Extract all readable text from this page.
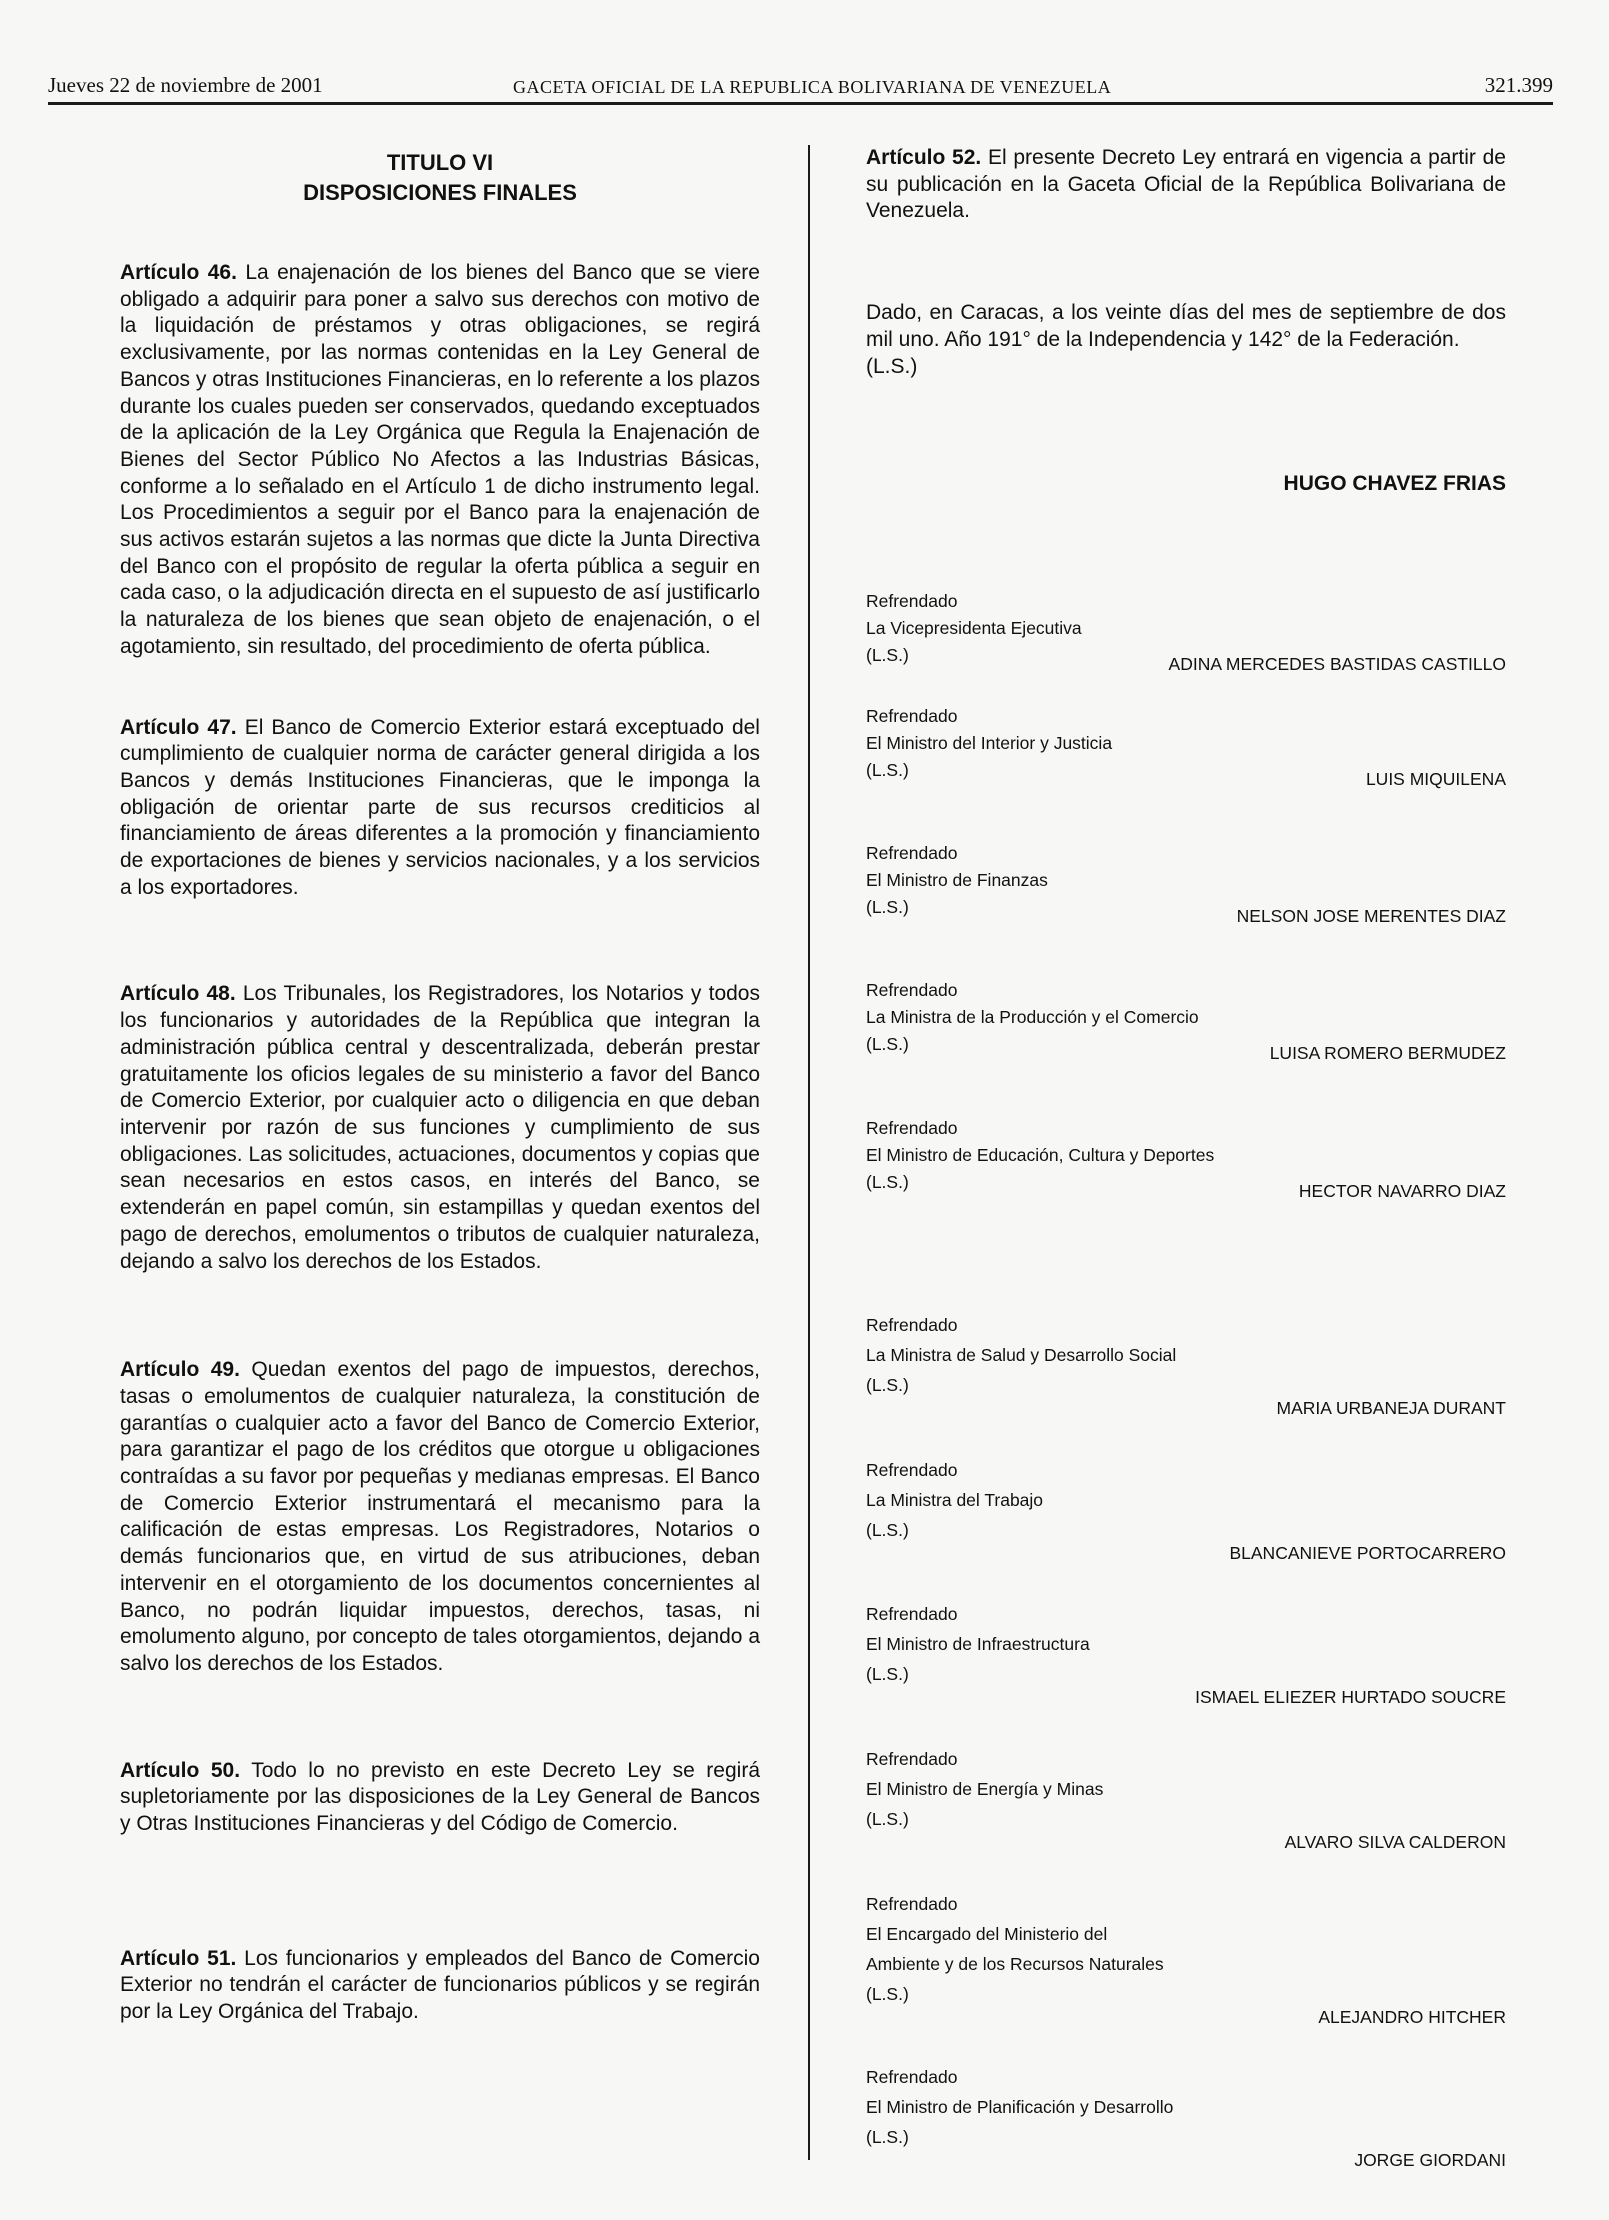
Jueves 22 de noviembre de 2001	GACETA OFICIAL DE LA REPUBLICA BOLIVARIANA DE VENEZUELA	321.399
TITULO VI
DISPOSICIONES FINALES

Artículo 46. La enajenación de los bienes del Banco que se viere obligado a adquirir para poner a salvo sus derechos con motivo de la liquidación de préstamos y otras obligaciones, se regirá exclusivamente, por las normas contenidas en la Ley General de Bancos y otras Instituciones Financieras, en lo referente a los plazos durante los cuales pueden ser conservados, quedando exceptuados de la aplicación de la Ley Orgánica que Regula la Enajenación de Bienes del Sector Público No Afectos a las Industrias Básicas, conforme a lo señalado en el Artículo 1 de dicho instrumento legal. Los Procedimientos a seguir por el Banco para la enajenación de sus activos estarán sujetos a las normas que dicte la Junta Directiva del Banco con el propósito de regular la oferta pública a seguir en cada caso, o la adjudicación directa en el supuesto de así justificarlo la naturaleza de los bienes que sean objeto de enajenación, o el agotamiento, sin resultado, del procedimiento de oferta pública.

Artículo 47. El Banco de Comercio Exterior estará exceptuado del cumplimiento de cualquier norma de carácter general dirigida a los Bancos y demás Instituciones Financieras, que le imponga la obligación de orientar parte de sus recursos crediticios al financiamiento de áreas diferentes a la promoción y financiamiento de exportaciones de bienes y servicios nacionales, y a los servicios a los exportadores.

Artículo 48. Los Tribunales, los Registradores, los Notarios y todos los funcionarios y autoridades de la República que integran la administración pública central y descentralizada, deberán prestar gratuitamente los oficios legales de su ministerio a favor del Banco de Comercio Exterior, por cualquier acto o diligencia en que deban intervenir por razón de sus funciones y cumplimiento de sus obligaciones. Las solicitudes, actuaciones, documentos y copias que sean necesarios en estos casos, en interés del Banco, se extenderán en papel común, sin estampillas y quedan exentos del pago de derechos, emolumentos o tributos de cualquier naturaleza, dejando a salvo los derechos de los Estados.

Artículo 49. Quedan exentos del pago de impuestos, derechos, tasas o emolumentos de cualquier naturaleza, la constitución de garantías o cualquier acto a favor del Banco de Comercio Exterior, para garantizar el pago de los créditos que otorgue u obligaciones contraídas a su favor por pequeñas y medianas empresas. El Banco de Comercio Exterior instrumentará el mecanismo para la calificación de estas empresas. Los Registradores, Notarios o demás funcionarios que, en virtud de sus atribuciones, deban intervenir en el otorgamiento de los documentos concernientes al Banco, no podrán liquidar impuestos, derechos, tasas, ni emolumento alguno, por concepto de tales otorgamientos, dejando a salvo los derechos de los Estados.

Artículo 50. Todo lo no previsto en este Decreto Ley se regirá supletoriamente por las disposiciones de la Ley General de Bancos y Otras Instituciones Financieras y del Código de Comercio.

Artículo 51. Los funcionarios y empleados del Banco de Comercio Exterior no tendrán el carácter de funcionarios públicos y se regirán por la Ley Orgánica del Trabajo.

Artículo 52. El presente Decreto Ley entrará en vigencia a partir de su publicación en la Gaceta Oficial de la República Bolivariana de Venezuela.

Dado, en Caracas, a los veinte días del mes de septiembre de dos mil uno. Año 191° de la Independencia y 142° de la Federación.

(L.S.)
HUGO CHAVEZ FRIAS
Refrendado
La Vicepresidenta Ejecutiva
(L.S.)	ADINA MERCEDES BASTIDAS CASTILLO
Refrendado
El Ministro del Interior y Justicia
(L.S.)	LUIS MIQUILENA
Refrendado
El Ministro de Finanzas
(L.S.)	NELSON JOSE MERENTES DIAZ
Refrendado
La Ministra de la Producción y el Comercio
(L.S.)	LUISA ROMERO BERMUDEZ
Refrendado
El Ministro de Educación, Cultura y Deportes
(L.S.)	HECTOR NAVARRO DIAZ
Refrendado
La Ministra de Salud y Desarrollo Social
(L.S.)
MARIA URBANEJA DURANT
Refrendado
La Ministra del Trabajo
(L.S.)
BLANCANIEVE PORTOCARRERO
Refrendado
El Ministro de Infraestructura
(L.S.)
ISMAEL ELIEZER HURTADO SOUCRE
Refrendado
El Ministro de Energía y Minas
(L.S.)
ALVARO SILVA CALDERON
Refrendado
El Encargado del Ministerio del
Ambiente y de los Recursos Naturales
(L.S.)
ALEJANDRO HITCHER
Refrendado
El Ministro de Planificación y Desarrollo
(L.S.)
JORGE GIORDANI
